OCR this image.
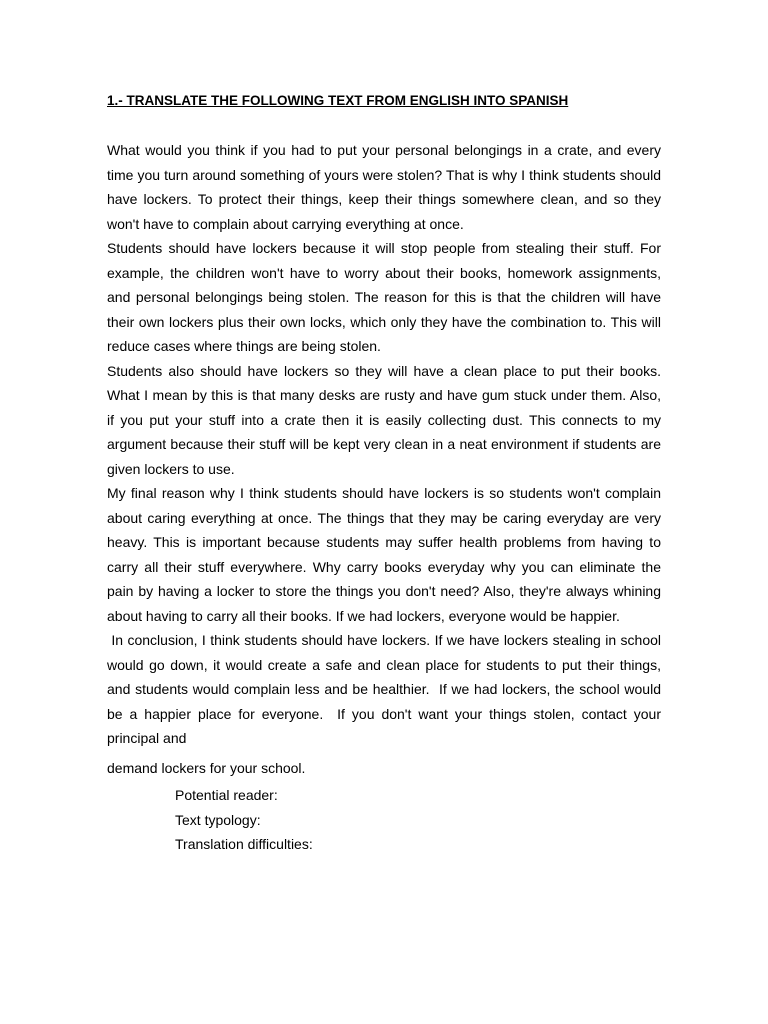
1.- TRANSLATE THE FOLLOWING TEXT FROM ENGLISH INTO SPANISH

What would you think if you had to put your personal belongings in a crate, and every time you turn around something of yours were stolen? That is why I think students should have lockers. To protect their things, keep their things somewhere clean, and so they won't have to complain about carrying everything at once.

Students should have lockers because it will stop people from stealing their stuff. For example, the children won't have to worry about their books, homework assignments, and personal belongings being stolen. The reason for this is that the children will have their own lockers plus their own locks, which only they have the combination to. This will reduce cases where things are being stolen.

Students also should have lockers so they will have a clean place to put their books. What I mean by this is that many desks are rusty and have gum stuck under them. Also, if you put your stuff into a crate then it is easily collecting dust. This connects to my argument because their stuff will be kept very clean in a neat environment if students are given lockers to use.

My final reason why I think students should have lockers is so students won't complain about caring everything at once. The things that they may be caring everyday are very heavy. This is important because students may suffer health problems from having to carry all their stuff everywhere. Why carry books everyday why you can eliminate the pain by having a locker to store the things you don't need? Also, they're always whining about having to carry all their books. If we had lockers, everyone would be happier.

In conclusion, I think students should have lockers. If we have lockers stealing in school would go down, it would create a safe and clean place for students to put their things, and students would complain less and be healthier.  If we had lockers, the school would be a happier place for everyone.  If you don't want your things stolen, contact your principal and

demand lockers for your school.

Potential reader:
Text typology:
Translation difficulties:
